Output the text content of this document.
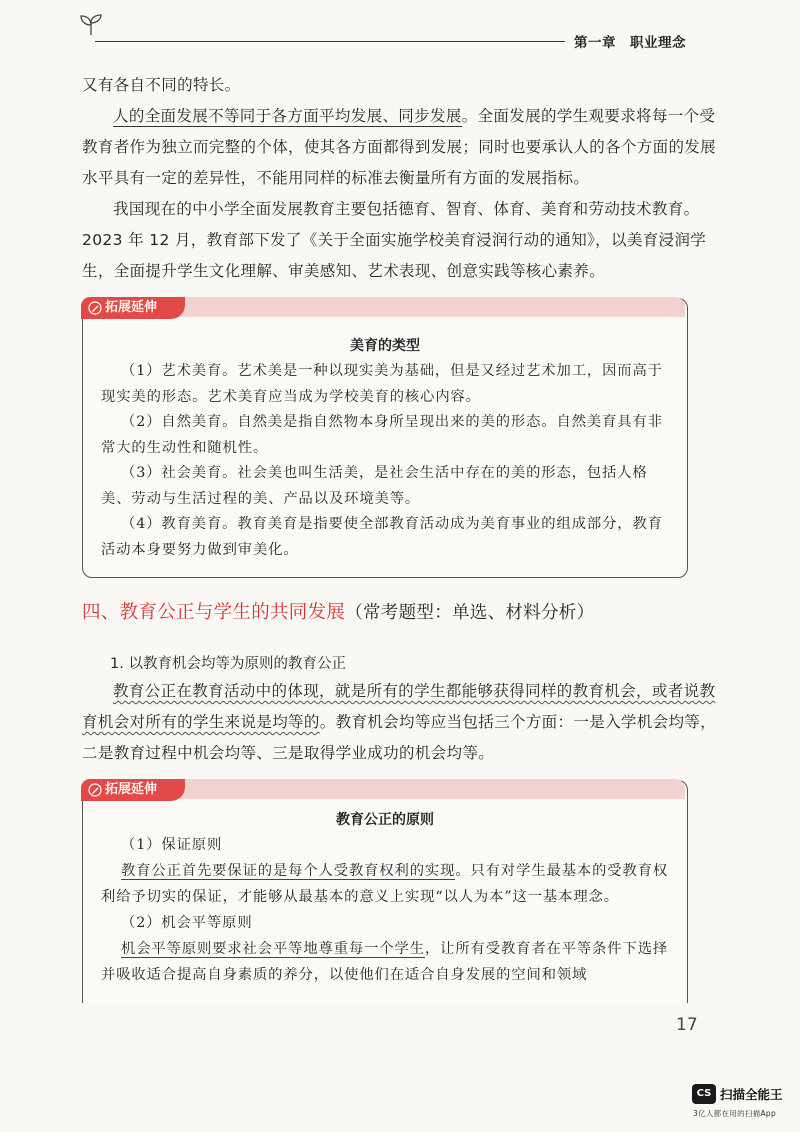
第一章　职业理念

又有各自不同的特长。

人的全面发展不等同于各方面平均发展、同步发展。全面发展的学生观要求将每一个受教育者作为独立而完整的个体，使其各方面都得到发展；同时也要承认人的各个方面的发展水平具有一定的差异性，不能用同样的标准去衡量所有方面的发展指标。

我国现在的中小学全面发展教育主要包括德育、智育、体育、美育和劳动技术教育。2023 年 12 月，教育部下发了《关于全面实施学校美育浸润行动的通知》，以美育浸润学生，全面提升学生文化理解、审美感知、艺术表现、创意实践等核心素养。

拓展延伸
美育的类型

（1）艺术美育。艺术美是一种以现实美为基础，但是又经过艺术加工，因而高于现实美的形态。艺术美育应当成为学校美育的核心内容。

（2）自然美育。自然美是指自然物本身所呈现出来的美的形态。自然美育具有非常大的生动性和随机性。

（3）社会美育。社会美也叫生活美，是社会生活中存在的美的形态，包括人格美、劳动与生活过程的美、产品以及环境美等。

（4）教育美育。教育美育是指要使全部教育活动成为美育事业的组成部分，教育活动本身要努力做到审美化。

四、教育公正与学生的共同发展（常考题型：单选、材料分析）

1. 以教育机会均等为原则的教育公正

教育公正在教育活动中的体现，就是所有的学生都能够获得同样的教育机会，或者说教育机会对所有的学生来说是均等的。教育机会均等应当包括三个方面：一是入学机会均等，二是教育过程中机会均等、三是取得学业成功的机会均等。

拓展延伸
教育公正的原则

（1）保证原则

教育公正首先要保证的是每个人受教育权利的实现。只有对学生最基本的受教育权利给予切实的保证，才能够从最基本的意义上实现“以人为本”这一基本理念。

（2）机会平等原则

机会平等原则要求社会平等地尊重每一个学生，让所有受教育者在平等条件下选择并吸收适合提高自身素质的养分，以使他们在适合自身发展的空间和领域

17
CS 扫描全能王
3亿人都在用的扫描App
